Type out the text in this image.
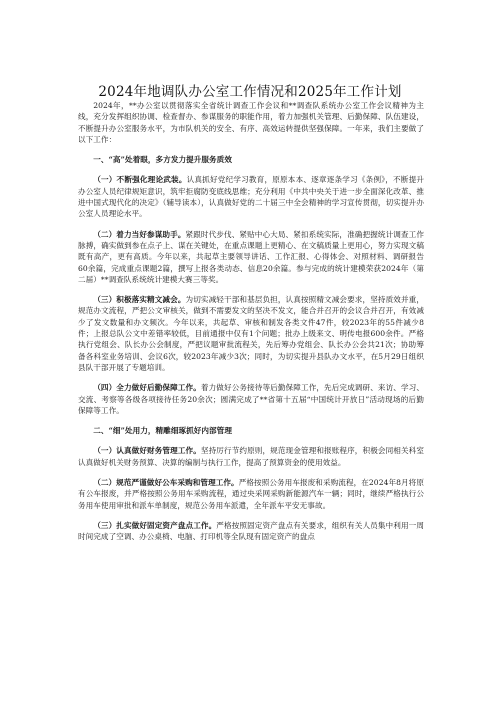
2024年地调队办公室工作情况和2025年工作计划

2024年，**办公室以贯彻落实全省统计调查工作会议和**调查队系统办公室工作会议精神为主线，充分发挥组织协调、检查督办、参谋服务的职能作用，着力加强机关管理、后勤保障、队伍建设，不断提升办公室服务水平，为市队机关的安全、有序、高效运转提供坚强保障。一年来，我们主要做了以下工作：

一、“高”处着眼，多方发力提升服务质效

（一）不断强化理论武装。认真抓好党纪学习教育，原原本本、逐章逐条学习《条例》，不断提升办公室人员纪律规矩意识，筑牢拒腐防变底线思维；充分利用《中共中央关于进一步全面深化改革、推进中国式现代化的决定》（辅导读本），认真做好党的二十届三中全会精神的学习宣传贯彻，切实提升办公室人员理论水平。

（二）着力当好参谋助手。紧跟时代步伐、紧贴中心大局、紧扣系统实际，准确把握统计调查工作脉搏，确实做到参在点子上、谋在关键处，在重点课题上更精心、在文稿质量上更用心，努力实现文稿既有高产，更有高质。今年以来，共起草主要领导讲话、工作汇报、心得体会、对照材料、调研报告60余篇，完成重点课题2篇，撰写上报各类动态、信息20余篇。参与完成的统计建模荣获2024年（第二届）**调查队系统统计建模大赛三等奖。

（三）积极落实精文减会。为切实减轻干部和基层负担，认真按照精文减会要求，坚持质效并重，规范办文流程，严把公文审核关，做到不需要发文的坚决不发文，能合并召开的会议合并召开，有效减少了发文数量和办文频次。今年以来，共起草、审核和制发各类文件47件，较2023年的55件减少8件；上报总队公文中差错率较低，目前通报中仅有1个问题；批办上级来文、明传电报600余件。严格执行党组会、队长办公会制度，严把议题审批流程关，先后筹办党组会、队长办公会共21次；协助筹备各科室业务培训、会议6次，较2023年减少3次；同时，为切实提升县队办文水平，在5月29日组织县队干部开展了专题培训。

（四）全力做好后勤保障工作。着力做好公务接待等后勤保障工作，先后完成调研、来访、学习、交流、考察等各级各项接待任务20余次；圆满完成了**省第十五届“中国统计开放日”活动现场的后勤保障等工作。

二、“细”处用力，精雕细琢抓好内部管理

（一）认真做好财务管理工作。坚持厉行节约原则，规范现金管理和报账程序，积极会同相关科室认真做好机关财务预算、决算的编制与执行工作，提高了预算资金的使用效益。

（二）规范严谨做好公车采购和管理工作。严格按照公务用车报废和采购流程，在2024年8月将原有公车报废，并严格按照公务用车采购流程，通过央采网采购新能源汽车一辆；同时，继续严格执行公务用车使用审批和派车单制度，规范公务用车派遣，全年派车平安无事故。

（三）扎实做好固定资产盘点工作。严格按照固定资产盘点有关要求，组织有关人员集中利用一周时间完成了空调、办公桌椅、电脑、打印机等全队现有固定资产的盘点
